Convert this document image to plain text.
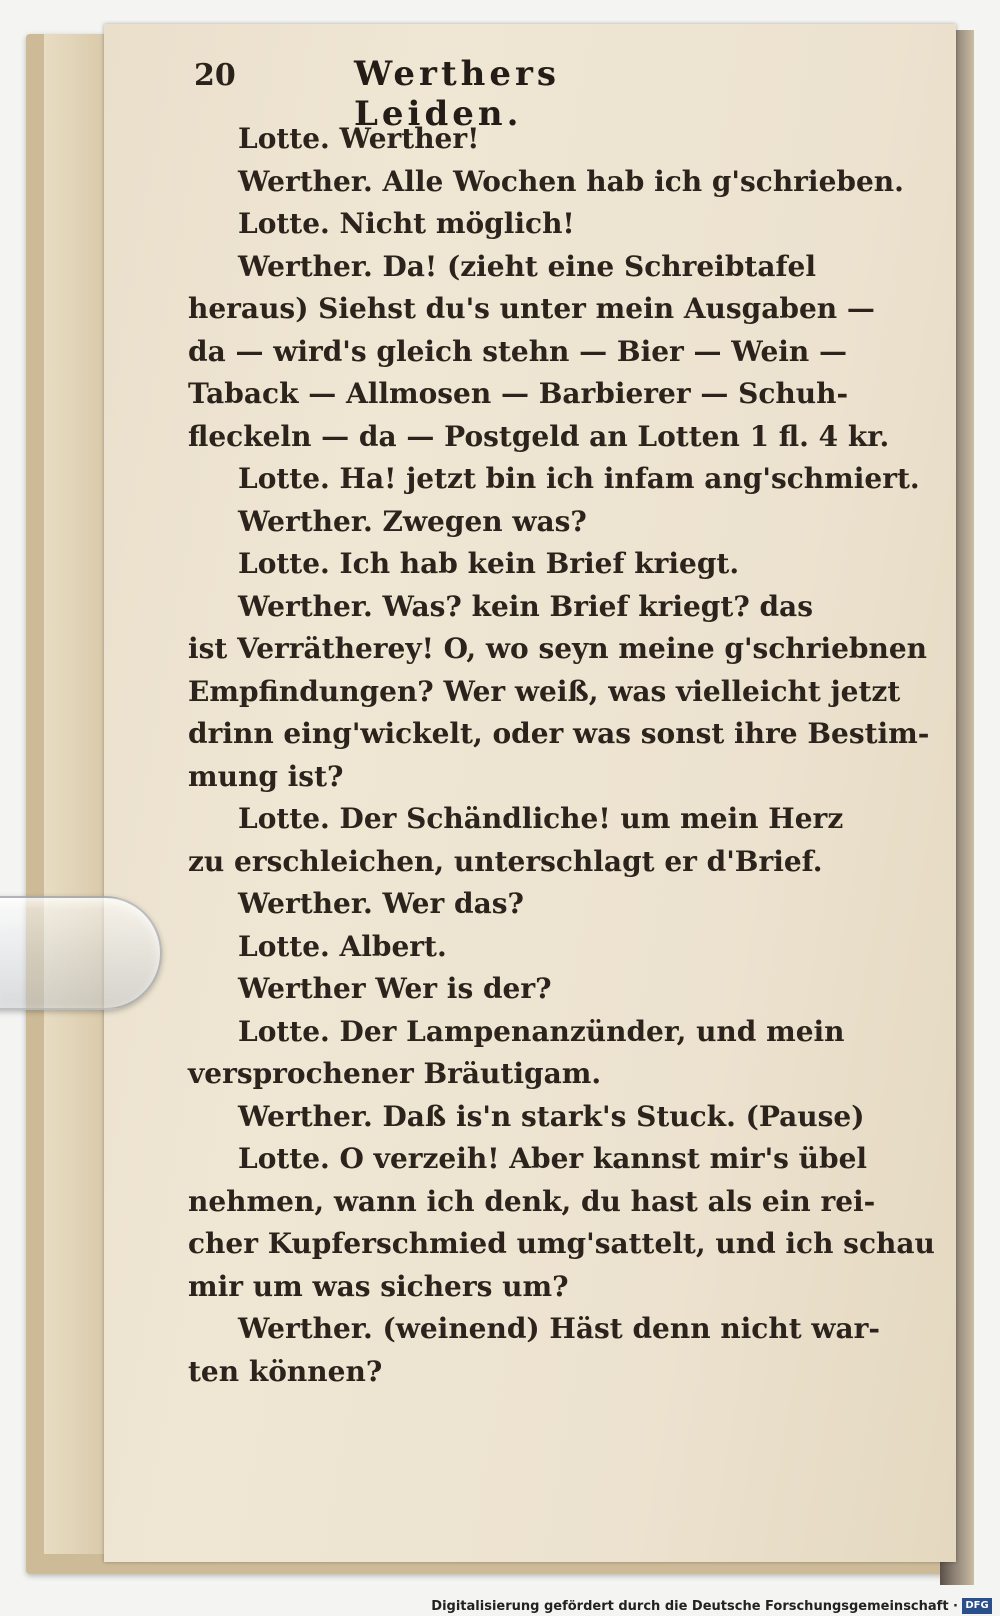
20	Werthers Leiden.
Lotte. Werther!
Werther. Alle Wochen hab ich g'schrieben.
Lotte. Nicht möglich!
Werther. Da! (zieht eine Schreibtafel
heraus) Siehst du's unter mein Ausgaben —
da — wird's gleich stehn — Bier — Wein —
Taback — Allmosen — Barbierer — Schuh-
fleckeln — da — Postgeld an Lotten 1 fl. 4 kr.
Lotte. Ha! jetzt bin ich infam ang'schmiert.
Werther. Zwegen was?
Lotte. Ich hab kein Brief kriegt.
Werther. Was? kein Brief kriegt? das
ist Verrätherey! O, wo seyn meine g'schriebnen
Empfindungen? Wer weiß, was vielleicht jetzt
drinn eing'wickelt, oder was sonst ihre Bestim-
mung ist?
Lotte. Der Schändliche! um mein Herz
zu erschleichen, unterschlagt er d'Brief.
Werther. Wer das?
Lotte. Albert.
Werther Wer is der?
Lotte. Der Lampenanzünder, und mein
versprochener Bräutigam.
Werther. Daß is'n stark's Stuck. (Pause)
Lotte. O verzeih! Aber kannst mir's übel
nehmen, wann ich denk, du hast als ein rei-
cher Kupferschmied umg'sattelt, und ich schau
mir um was sichers um?
Werther. (weinend) Häst denn nicht war-
ten können?
Digitalisierung gefördert durch die Deutsche Forschungsgemeinschaft · DFG
